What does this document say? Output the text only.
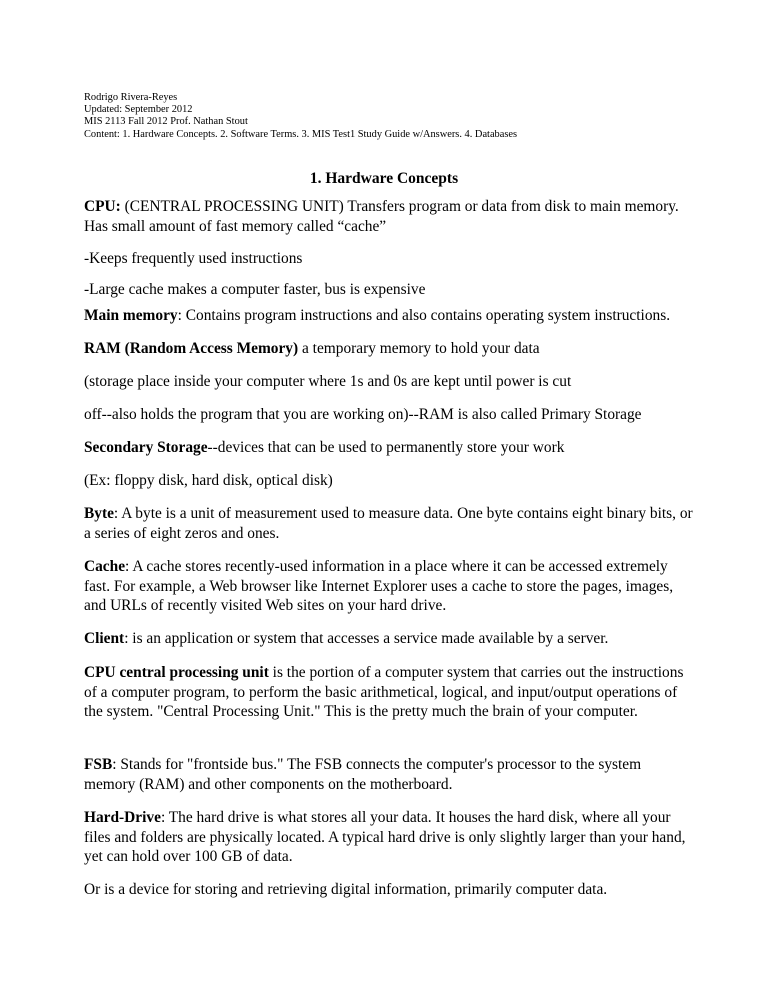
Rodrigo Rivera-Reyes
Updated: September 2012
MIS 2113 Fall 2012 Prof. Nathan Stout
Content: 1. Hardware Concepts. 2. Software Terms. 3. MIS Test1 Study Guide w/Answers. 4. Databases
1. Hardware Concepts

CPU: (CENTRAL PROCESSING UNIT) Transfers program or data from disk to main memory. Has small amount of fast memory called “cache”

-Keeps frequently used instructions

-Large cache makes a computer faster, bus is expensive

Main memory: Contains program instructions and also contains operating system instructions.

RAM (Random Access Memory) a temporary memory to hold your data

(storage place inside your computer where 1s and 0s are kept until power is cut

off--also holds the program that you are working on)--RAM is also called Primary Storage

Secondary Storage--devices that can be used to permanently store your work

(Ex: floppy disk, hard disk, optical disk)

Byte: A byte is a unit of measurement used to measure data. One byte contains eight binary bits, or a series of eight zeros and ones.

Cache: A cache stores recently-used information in a place where it can be accessed extremely fast. For example, a Web browser like Internet Explorer uses a cache to store the pages, images, and URLs of recently visited Web sites on your hard drive.

Client: is an application or system that accesses a service made available by a server.

CPU central processing unit is the portion of a computer system that carries out the instructions of a computer program, to perform the basic arithmetical, logical, and input/output operations of the system. "Central Processing Unit." This is the pretty much the brain of your computer.

FSB: Stands for "frontside bus." The FSB connects the computer's processor to the system memory (RAM) and other components on the motherboard.

Hard-Drive: The hard drive is what stores all your data. It houses the hard disk, where all your files and folders are physically located. A typical hard drive is only slightly larger than your hand, yet can hold over 100 GB of data.

Or is a device for storing and retrieving digital information, primarily computer data.
